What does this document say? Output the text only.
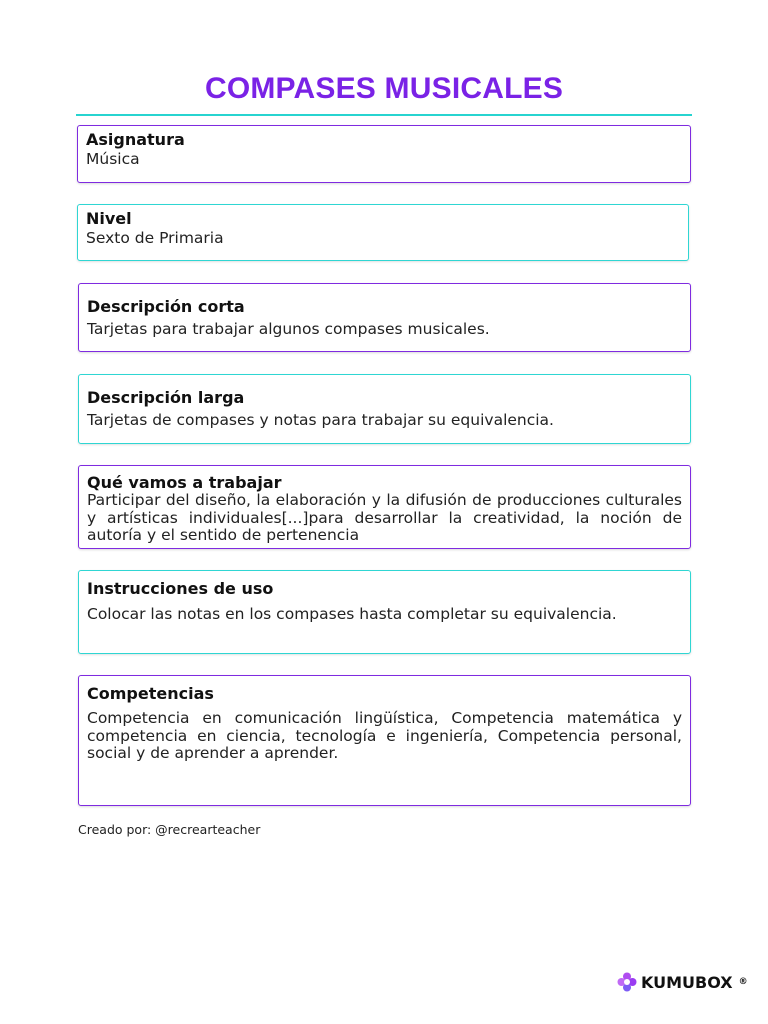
COMPASES MUSICALES
Asignatura

Música

Nivel

Sexto de Primaria

Descripción corta

Tarjetas para trabajar algunos compases musicales.

Descripción larga

Tarjetas de compases y notas para trabajar su equivalencia.

Qué vamos a trabajar

Participar del diseño, la elaboración y la difusión de producciones culturales y artísticas individuales[...]para desarrollar la creatividad, la noción de autoría y el sentido de pertenencia

Instrucciones de uso

Colocar las notas en los compases hasta completar su equivalencia.

Competencias

Competencia en comunicación lingüística, Competencia matemática y competencia en ciencia, tecnología e ingeniería, Competencia personal, social y de aprender a aprender.

Creado por: @recrearteacher
KUMUBOX ®
